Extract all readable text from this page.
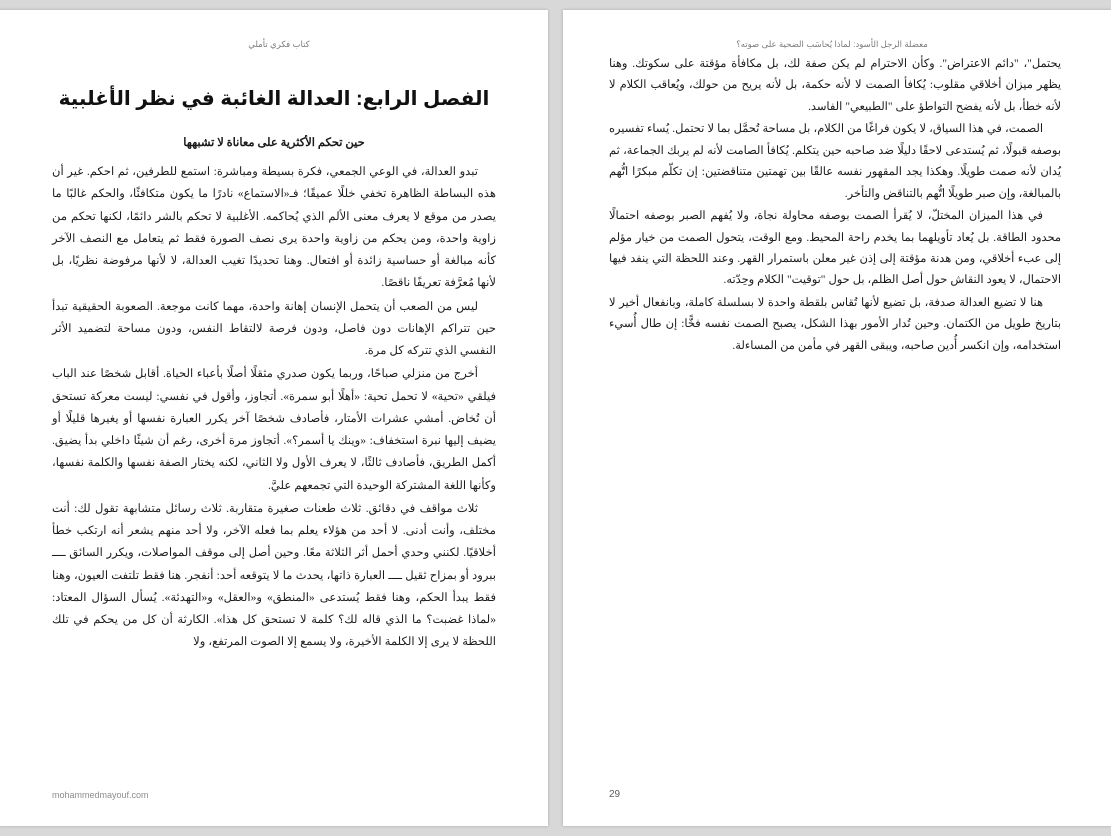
معضلة الرجل الأسود: لماذا يُحاسَب الضحية على صوته؟

يحتمل"، "دائم الاعتراض". وكأن الاحترام لم يكن صفة لك، بل مكافأة مؤقتة على سكوتك. وهنا يظهر ميزان أخلاقي مقلوب: يُكافأ الصمت لا لأنه حكمة، بل لأنه يريح من حولك، ويُعاقب الكلام لا لأنه خطأ، بل لأنه يفضح التواطؤ على "الطبيعي" الفاسد.

الصمت، في هذا السياق، لا يكون فراغًا من الكلام، بل مساحة تُحمَّل بما لا تحتمل. يُساء تفسيره بوصفه قبولًا، ثم يُستدعى لاحقًا دليلًا ضد صاحبه حين يتكلم. يُكافأ الصامت لأنه لم يربك الجماعة، ثم يُدان لأنه صمت طويلًا. وهكذا يجد المقهور نفسه عالقًا بين تهمتين متناقضتين: إن تكلّم مبكرًا اتُّهم بالمبالغة، وإن صبر طويلًا اتُّهم بالتناقض والتأخر.

في هذا الميزان المختلّ، لا يُقرأ الصمت بوصفه محاولة نجاة، ولا يُفهم الصبر بوصفه احتمالًا محدود الطاقة. بل يُعاد تأويلهما بما يخدم راحة المحيط. ومع الوقت، يتحول الصمت من خيار مؤلم إلى عبء أخلاقي، ومن هدنة مؤقتة إلى إذن غير معلن باستمرار القهر. وعند اللحظة التي ينفد فيها الاحتمال، لا يعود النقاش حول أصل الظلم، بل حول "توقيت" الكلام وحِدّته.

هنا لا تضيع العدالة صدفة، بل تضيع لأنها تُقاس بلقطة واحدة لا بسلسلة كاملة، وبانفعال أخير لا بتاريخ طويل من الكتمان. وحين تُدار الأمور بهذا الشكل، يصبح الصمت نفسه فخًّا: إن طال أُسيء استخدامه، وإن انكسر أُدين صاحبه، ويبقى القهر في مأمن من المساءلة.

29
كتاب فكري تأملي
الفصل الرابع: العدالة الغائبة في نظر الأغلبية
حين تحكم الأكثرية على معاناة لا تشبهها

تبدو العدالة، في الوعي الجمعي، فكرة بسيطة ومباشرة: استمع للطرفين، ثم احكم. غير أن هذه البساطة الظاهرة تخفي خللًا عميقًا؛ فـ«الاستماع» نادرًا ما يكون متكافئًا، والحكم غالبًا ما يصدر من موقع لا يعرف معنى الألم الذي يُحاكمه. الأغلبية لا تحكم بالشر دائمًا، لكنها تحكم من زاوية واحدة، ومن يحكم من زاوية واحدة يرى نصف الصورة فقط ثم يتعامل مع النصف الآخر كأنه مبالغة أو حساسية زائدة أو افتعال. وهنا تحديدًا تغيب العدالة، لا لأنها مرفوضة نظريًا، بل لأنها مُعرَّفة تعريفًا ناقصًا.

ليس من الصعب أن يتحمل الإنسان إهانة واحدة، مهما كانت موجعة. الصعوبة الحقيقية تبدأ حين تتراكم الإهانات دون فاصل، ودون فرصة لالتقاط النفس، ودون مساحة لتضميد الأثر النفسي الذي تتركه كل مرة.

أخرج من منزلي صباحًا، وربما يكون صدري مثقلًا أصلًا بأعباء الحياة. أقابل شخصًا عند الباب فيلقي «تحية» لا تحمل تحية: «أهلًا أبو سمرة». أتجاوز، وأقول في نفسي: ليست معركة تستحق أن تُخاض. أمشي عشرات الأمتار، فأصادف شخصًا آخر يكرر العبارة نفسها أو يغيرها قليلًا أو يضيف إليها نبرة استخفاف: «وينك يا أسمر؟». أتجاوز مرة أخرى، رغم أن شيئًا داخلي بدأ يضيق. أكمل الطريق، فأصادف ثالثًا، لا يعرف الأول ولا الثاني، لكنه يختار الصفة نفسها والكلمة نفسها، وكأنها اللغة المشتركة الوحيدة التي تجمعهم عليَّ.

ثلاث مواقف في دقائق. ثلاث طعنات صغيرة متقاربة. ثلاث رسائل متشابهة تقول لك: أنت مختلف، وأنت أدنى. لا أحد من هؤلاء يعلم بما فعله الآخر، ولا أحد منهم يشعر أنه ارتكب خطأ أخلاقيًا. لكنني وحدي أحمل أثر الثلاثة معًا. وحين أصل إلى موقف المواصلات، ويكرر السائق ــــ ببرود أو بمزاح ثقيل ــــ العبارة ذاتها، يحدث ما لا يتوقعه أحد: أنفجر. هنا فقط تلتفت العيون، وهنا فقط يبدأ الحكم، وهنا فقط يُستدعى «المنطق» و«العقل» و«التهدئة». يُسأل السؤال المعتاد: «لماذا غضبت؟ ما الذي قاله لك؟ كلمة لا تستحق كل هذا». الكارثة أن كل من يحكم في تلك اللحظة لا يرى إلا الكلمة الأخيرة، ولا يسمع إلا الصوت المرتفع، ولا

mohammedmayouf.com
